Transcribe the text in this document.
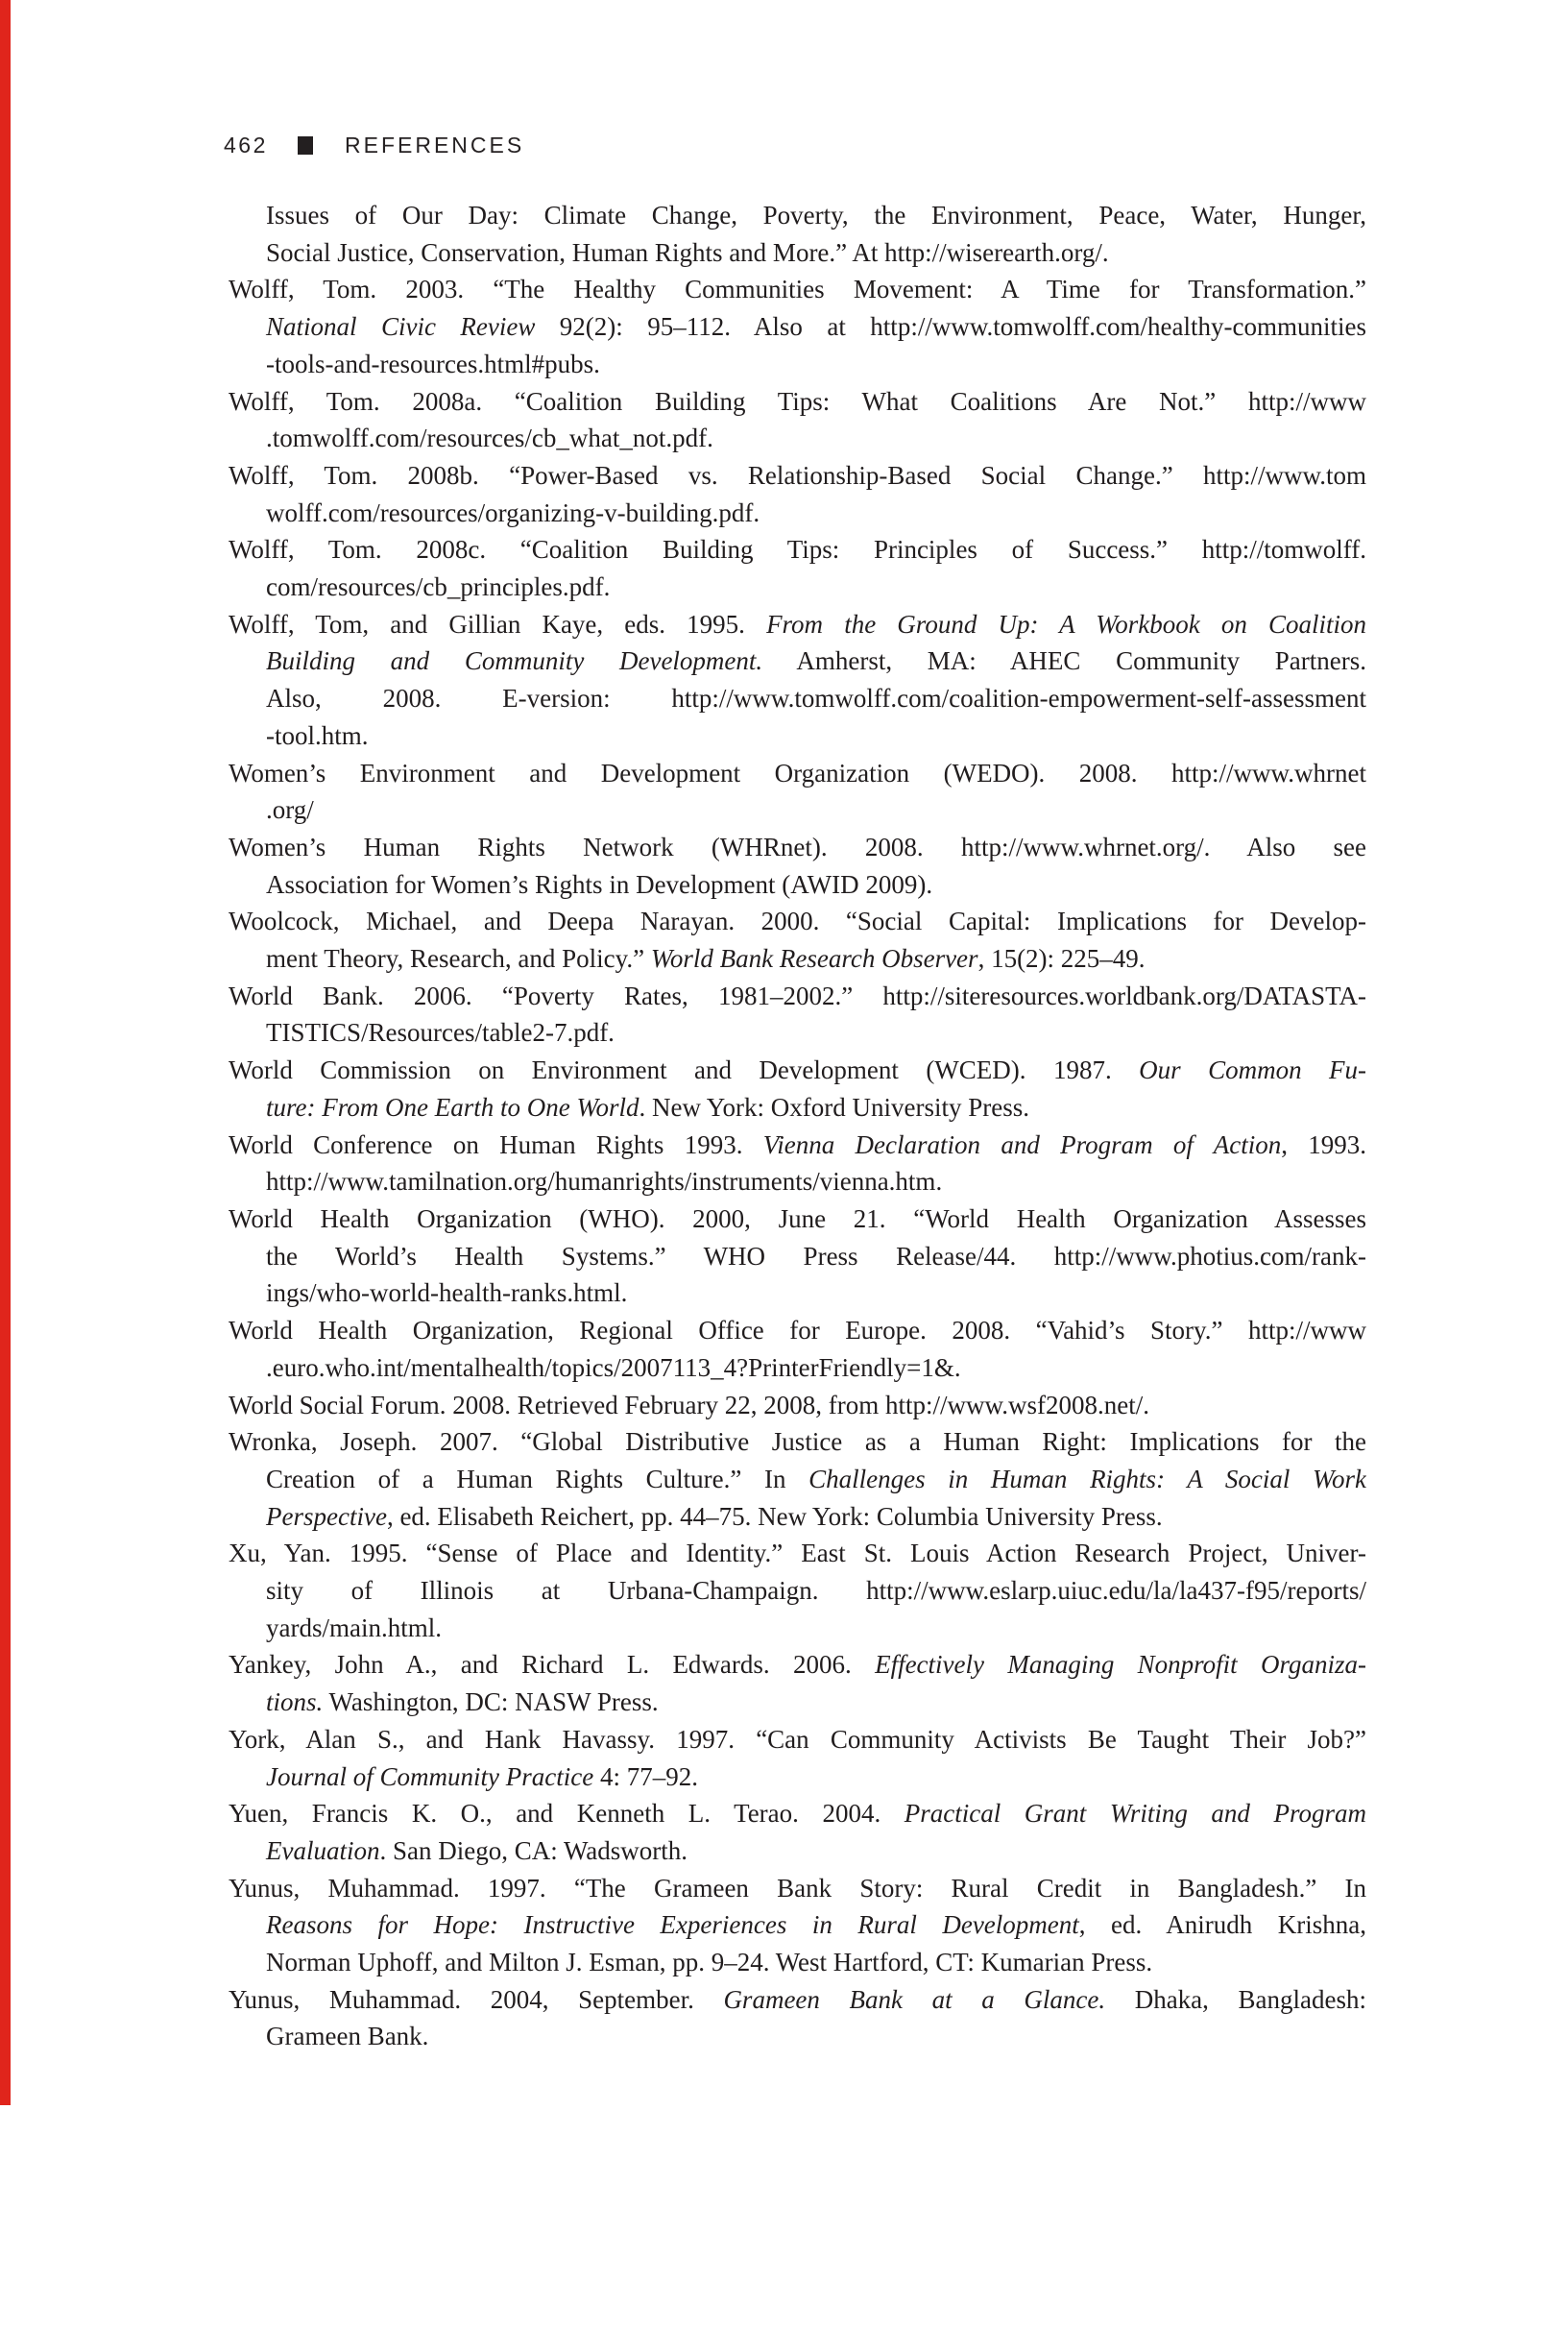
462	REFERENCES

Issues of Our Day: Climate Change, Poverty, the Environment, Peace, Water, Hunger,
Social Justice, Conservation, Human Rights and More.” At http://wiserearth.org/.

Wolff, Tom. 2003. “The Healthy Communities Movement: A Time for Transformation.”
National Civic Review 92(2): 95–112. Also at http://www.tomwolff.com/healthy-communities
-tools-and-resources.html#pubs.

Wolff, Tom. 2008a. “Coalition Building Tips: What Coalitions Are Not.” http://www
.tomwolff.com/resources/cb_what_not.pdf.

Wolff, Tom. 2008b. “Power-Based vs. Relationship-Based Social Change.” http://www.tom
wolff.com/resources/organizing-v-building.pdf.

Wolff, Tom. 2008c. “Coalition Building Tips: Principles of Success.” http://tomwolff.
com/resources/cb_principles.pdf.

Wolff, Tom, and Gillian Kaye, eds. 1995. From the Ground Up: A Workbook on Coalition
Building and Community Development. Amherst, MA: AHEC Community Partners.
Also, 2008. E-version: http://www.tomwolff.com/coalition-empowerment-self-assessment
-tool.htm.

Women’s Environment and Development Organization (WEDO). 2008. http://www.whrnet
.org/

Women’s Human Rights Network (WHRnet). 2008. http://www.whrnet.org/. Also see
Association for Women’s Rights in Development (AWID 2009).

Woolcock, Michael, and Deepa Narayan. 2000. “Social Capital: Implications for Develop-
ment Theory, Research, and Policy.” World Bank Research Observer, 15(2): 225–49.

World Bank. 2006. “Poverty Rates, 1981–2002.” http://siteresources.worldbank.org/DATASTA-
TISTICS/Resources/table2-7.pdf.

World Commission on Environment and Development (WCED). 1987. Our Common Fu-
ture: From One Earth to One World. New York: Oxford University Press.

World Conference on Human Rights 1993. Vienna Declaration and Program of Action, 1993.
http://www.tamilnation.org/humanrights/instruments/vienna.htm.

World Health Organization (WHO). 2000, June 21. “World Health Organization Assesses
the World’s Health Systems.” WHO Press Release/44. http://www.photius.com/rank-
ings/who-world-health-ranks.html.

World Health Organization, Regional Office for Europe. 2008. “Vahid’s Story.” http://www
.euro.who.int/mentalhealth/topics/2007113_4?PrinterFriendly=1&.

World Social Forum. 2008. Retrieved February 22, 2008, from http://www.wsf2008.net/.

Wronka, Joseph. 2007. “Global Distributive Justice as a Human Right: Implications for the
Creation of a Human Rights Culture.” In Challenges in Human Rights: A Social Work
Perspective, ed. Elisabeth Reichert, pp. 44–75. New York: Columbia University Press.

Xu, Yan. 1995. “Sense of Place and Identity.” East St. Louis Action Research Project, Univer-
sity of Illinois at Urbana-Champaign. http://www.eslarp.uiuc.edu/la/la437-f95/reports/
yards/main.html.

Yankey, John A., and Richard L. Edwards. 2006. Effectively Managing Nonprofit Organiza-
tions. Washington, DC: NASW Press.

York, Alan S., and Hank Havassy. 1997. “Can Community Activists Be Taught Their Job?”
Journal of Community Practice 4: 77–92.

Yuen, Francis K. O., and Kenneth L. Terao. 2004. Practical Grant Writing and Program
Evaluation. San Diego, CA: Wadsworth.

Yunus, Muhammad. 1997. “The Grameen Bank Story: Rural Credit in Bangladesh.” In
Reasons for Hope: Instructive Experiences in Rural Development, ed. Anirudh Krishna,
Norman Uphoff, and Milton J. Esman, pp. 9–24. West Hartford, CT: Kumarian Press.

Yunus, Muhammad. 2004, September. Grameen Bank at a Glance. Dhaka, Bangladesh:
Grameen Bank.
